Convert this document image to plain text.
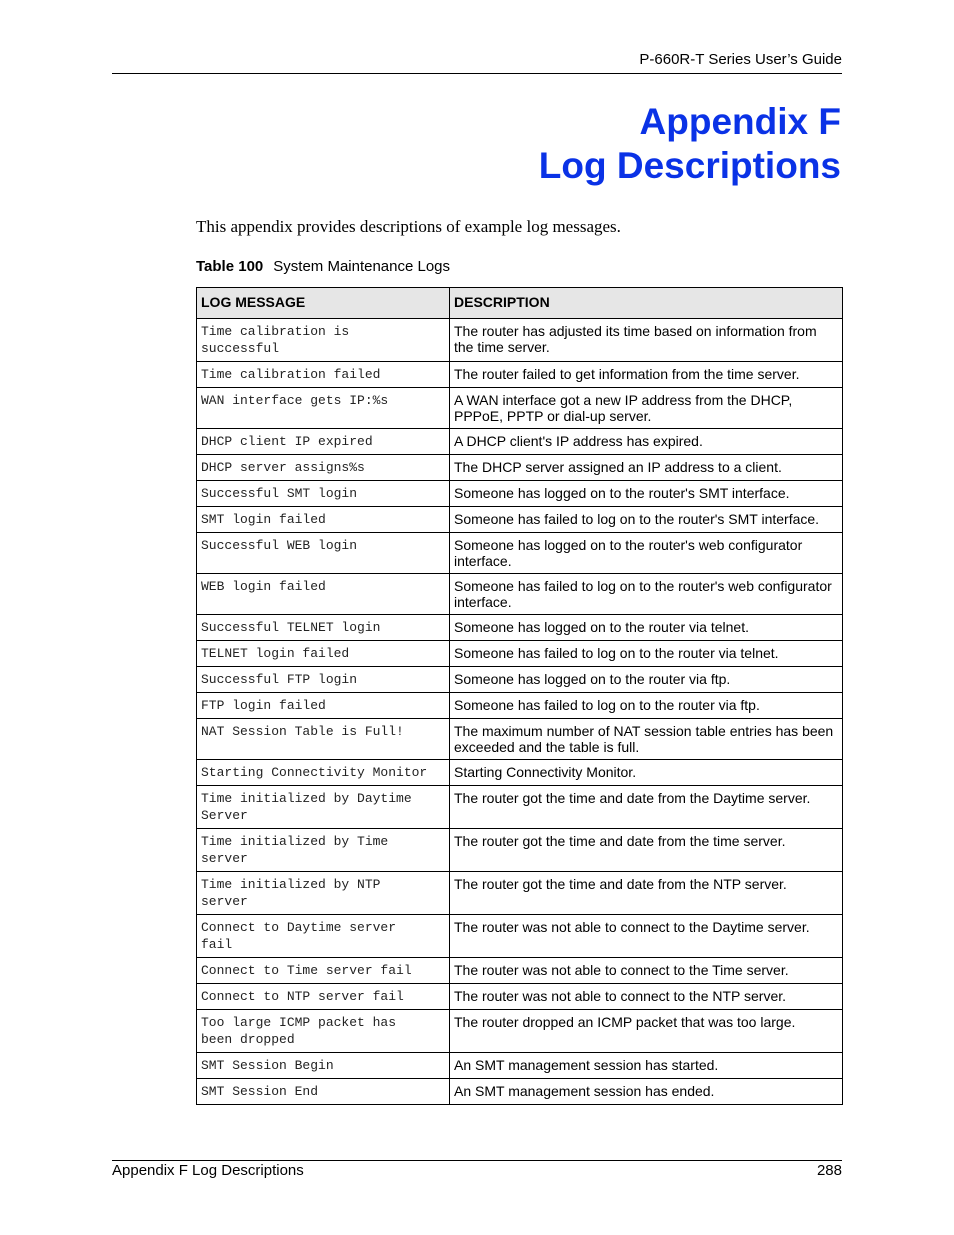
P-660R-T Series User’s Guide
Appendix F
Log Descriptions
This appendix provides descriptions of example log messages.
Table 100 System Maintenance Logs
LOG MESSAGE	DESCRIPTION
Time calibration is
successful	The router has adjusted its time based on information from the time server.
Time calibration failed	The router failed to get information from the time server.
WAN interface gets IP:%s	A WAN interface got a new IP address from the DHCP, PPPoE, PPTP or dial-up server.
DHCP client IP expired	A DHCP client's IP address has expired.
DHCP server assigns%s	The DHCP server assigned an IP address to a client.
Successful SMT login	Someone has logged on to the router's SMT interface.
SMT login failed	Someone has failed to log on to the router's SMT interface.
Successful WEB login	Someone has logged on to the router's web configurator interface.
WEB login failed	Someone has failed to log on to the router's web configurator interface.
Successful TELNET login	Someone has logged on to the router via telnet.
TELNET login failed	Someone has failed to log on to the router via telnet.
Successful FTP login	Someone has logged on to the router via ftp.
FTP login failed	Someone has failed to log on to the router via ftp.
NAT Session Table is Full!	The maximum number of NAT session table entries has been exceeded and the table is full.
Starting Connectivity Monitor	Starting Connectivity Monitor.
Time initialized by Daytime
Server	The router got the time and date from the Daytime server.
Time initialized by Time
server	The router got the time and date from the time server.
Time initialized by NTP
server	The router got the time and date from the NTP server.
Connect to Daytime server
fail	The router was not able to connect to the Daytime server.
Connect to Time server fail	The router was not able to connect to the Time server.
Connect to NTP server fail	The router was not able to connect to the NTP server.
Too large ICMP packet has
been dropped	The router dropped an ICMP packet that was too large.
SMT Session Begin	An SMT management session has started.
SMT Session End	An SMT management session has ended.
Appendix F Log Descriptions	288
